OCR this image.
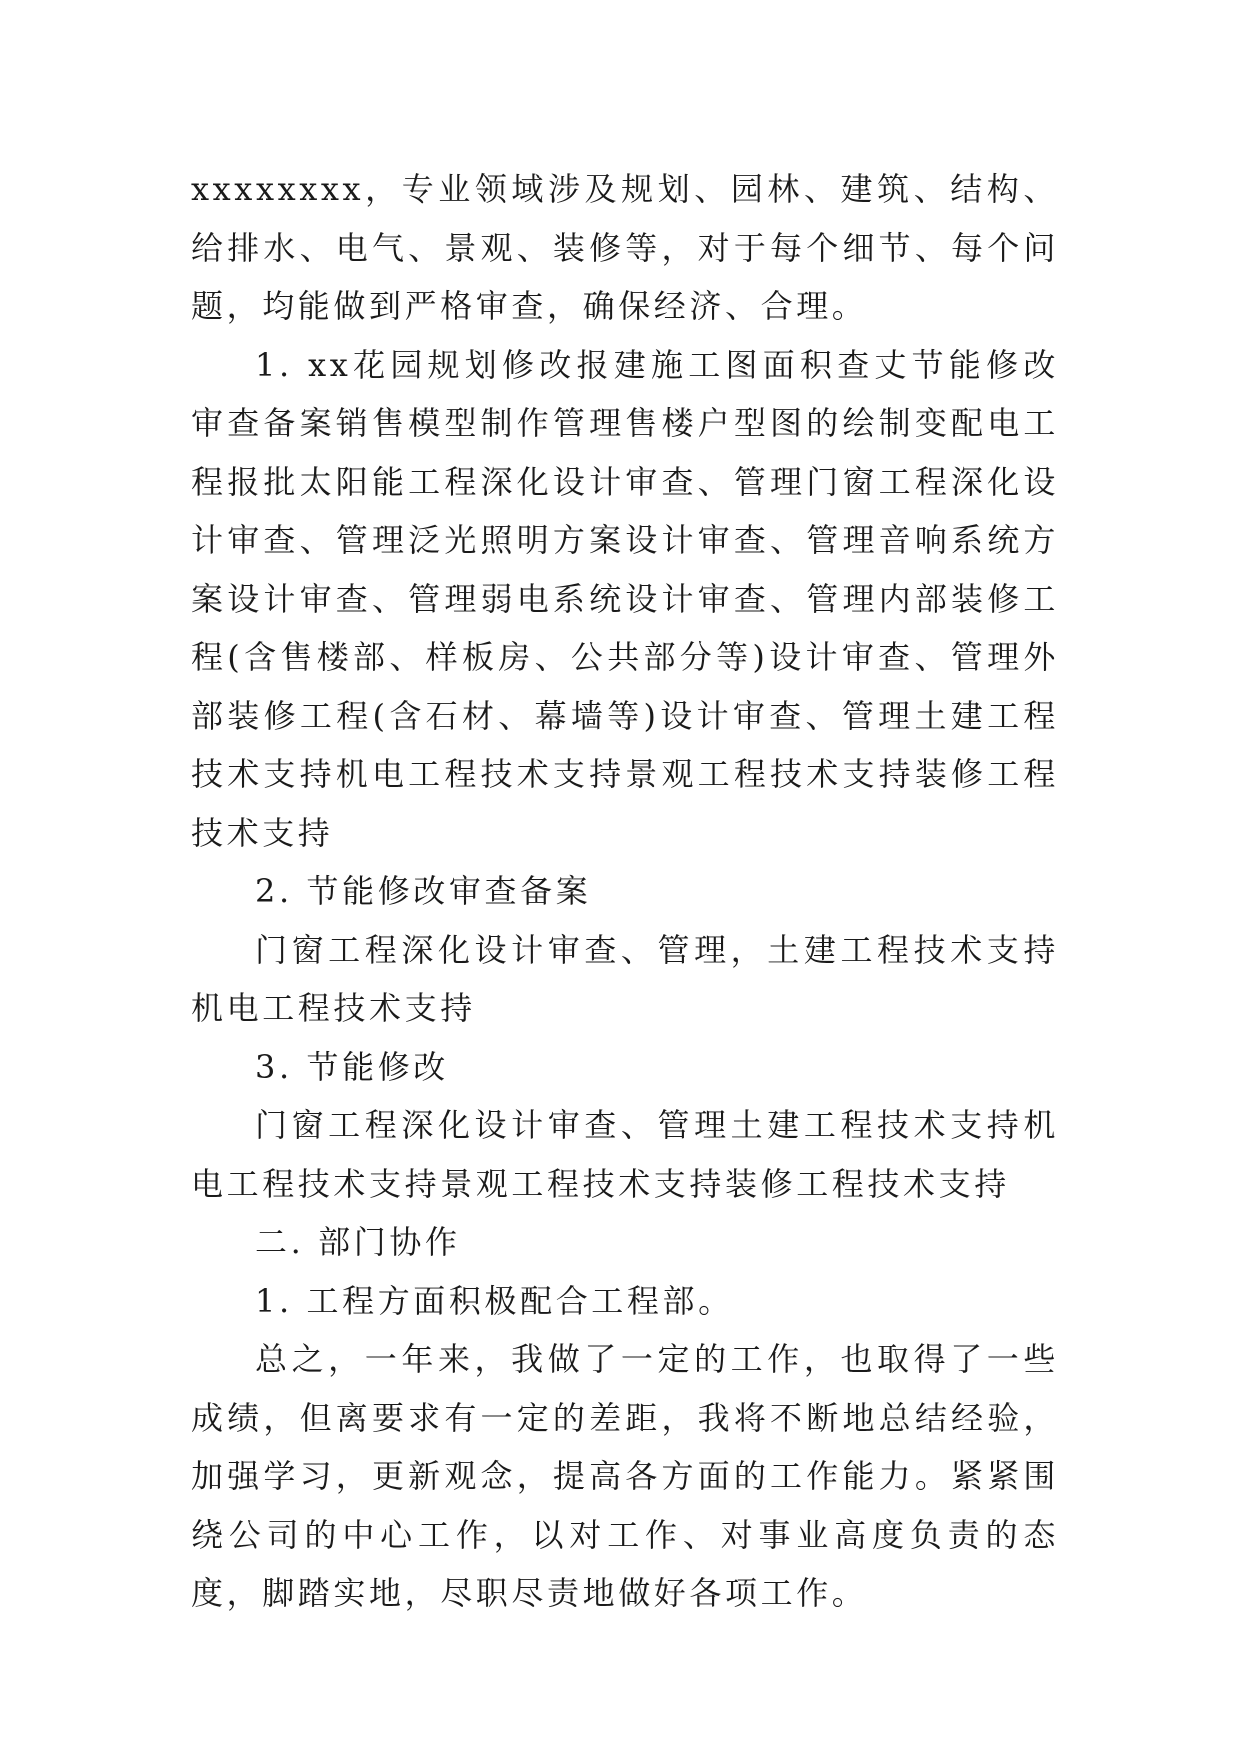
xxxxxxxx，专业领域涉及规划、园林、建筑、结构、给排水、电气、景观、装修等，对于每个细节、每个问题，均能做到严格审查，确保经济、合理。

1. xx花园规划修改报建施工图面积查丈节能修改审查备案销售模型制作管理售楼户型图的绘制变配电工程报批太阳能工程深化设计审查、管理门窗工程深化设计审查、管理泛光照明方案设计审查、管理音响系统方案设计审查、管理弱电系统设计审查、管理内部装修工程(含售楼部、样板房、公共部分等)设计审查、管理外部装修工程(含石材、幕墙等)设计审查、管理土建工程技术支持机电工程技术支持景观工程技术支持装修工程技术支持

2. 节能修改审查备案

门窗工程深化设计审查、管理，土建工程技术支持机电工程技术支持

3. 节能修改

门窗工程深化设计审查、管理土建工程技术支持机电工程技术支持景观工程技术支持装修工程技术支持

二. 部门协作

1. 工程方面积极配合工程部。

总之，一年来，我做了一定的工作，也取得了一些成绩，但离要求有一定的差距，我将不断地总结经验，加强学习，更新观念，提高各方面的工作能力。紧紧围绕公司的中心工作，以对工作、对事业高度负责的态度，脚踏实地，尽职尽责地做好各项工作。
